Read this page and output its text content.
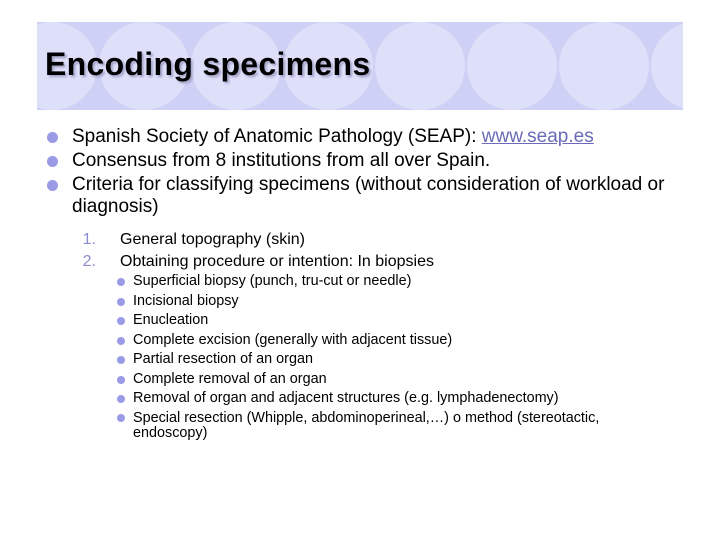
Encoding specimens
Spanish Society of Anatomic Pathology (SEAP): www.seap.es
Consensus from 8 institutions from all over Spain.
Criteria for classifying specimens (without consideration of workload or diagnosis)
1. General topography (skin)
2. Obtaining procedure or intention: In biopsies
Superficial biopsy (punch, tru-cut or needle)
Incisional biopsy
Enucleation
Complete excision (generally with adjacent tissue)
Partial resection of an organ
Complete removal of an organ
Removal of organ and adjacent structures (e.g. lymphadenectomy)
Special resection (Whipple, abdominoperineal,…) o method (stereotactic, endoscopy)
